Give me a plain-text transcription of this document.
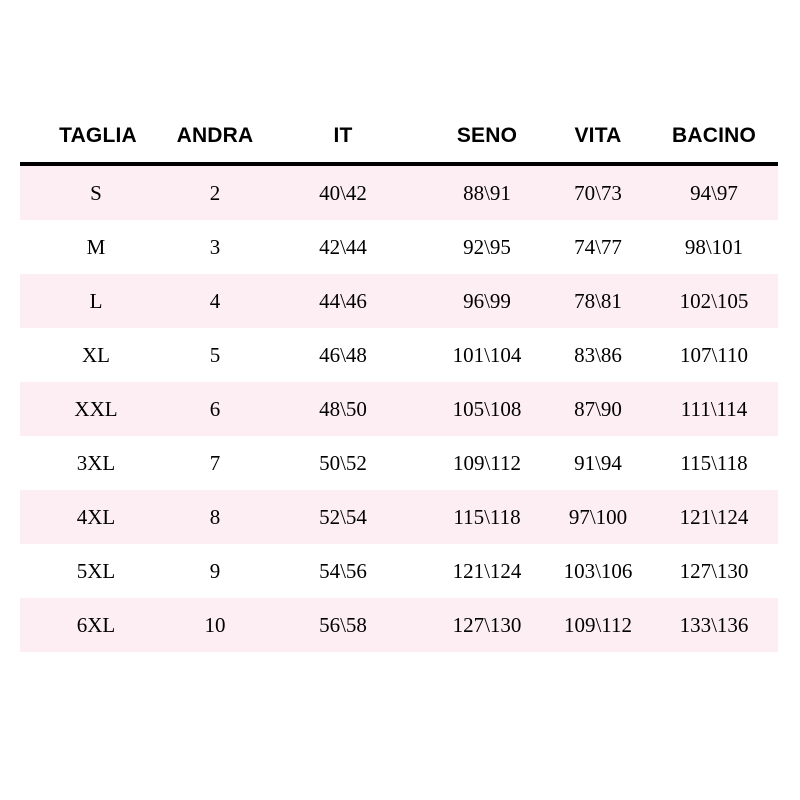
TAGLIA	ANDRA	IT	SENO	VITA	BACINO
S	2	40\42	88\91	70\73	94\97
M	3	42\44	92\95	74\77	98\101
L	4	44\46	96\99	78\81	102\105
XL	5	46\48	101\104	83\86	107\110
XXL	6	48\50	105\108	87\90	111\114
3XL	7	50\52	109\112	91\94	115\118
4XL	8	52\54	115\118	97\100	121\124
5XL	9	54\56	121\124	103\106	127\130
6XL	10	56\58	127\130	109\112	133\136
